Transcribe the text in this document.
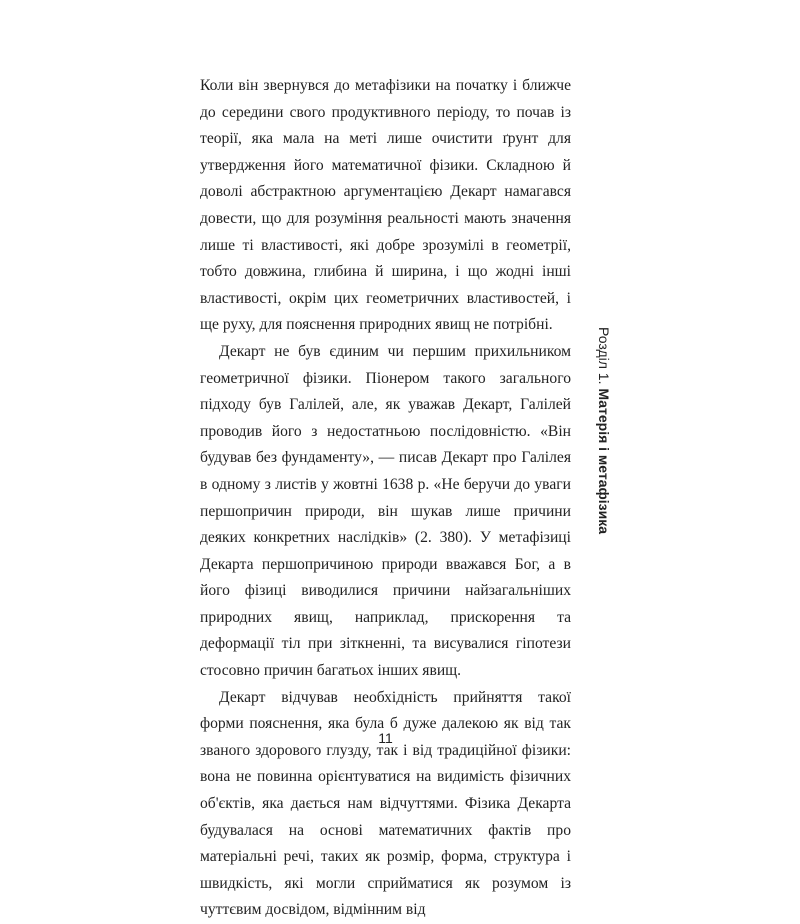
Коли він звернувся до метафізики на початку і ближче до середини свого продуктивного періоду, то почав із теорії, яка мала на меті лише очистити ґрунт для утвердження його математичної фізики. Складною й доволі абстрактною аргументацією Декарт намагався довести, що для розуміння реальності мають значення лише ті властивості, які добре зрозумілі в геометрії, тобто довжина, глибина й ширина, і що жодні інші властивості, окрім цих геометричних властивостей, і ще руху, для пояснення природних явищ не потрібні.

Декарт не був єдиним чи першим прихильником геометричної фізики. Піонером такого загального підходу був Галілей, але, як уважав Декарт, Галілей проводив його з недостатньою послідовністю. «Він будував без фундаменту», — писав Декарт про Галілея в одному з листів у жовтні 1638 р. «Не беручи до уваги першопричин природи, він шукав лише причини деяких конкретних наслідків» (2. 380). У метафізиці Декарта першопричиною природи вважався Бог, а в його фізиці виводилися причини найзагальніших природних явищ, наприклад, прискорення та деформації тіл при зіткненні, та висувалися гіпотези стосовно причин багатьох інших явищ.

Декарт відчував необхідність прийняття такої форми пояснення, яка була б дуже далекою як від так званого здорового глузду, так і від традиційної фізики: вона не повинна орієнтуватися на видимість фізичних об'єктів, яка дається нам відчуттями. Фізика Декарта будувалася на основі математичних фактів про матеріальні речі, таких як розмір, форма, структура і швидкість, які могли сприйматися як розумом із чуттєвим досвідом, відмінним від

Розділ 1. Матерія і метафізика
11
